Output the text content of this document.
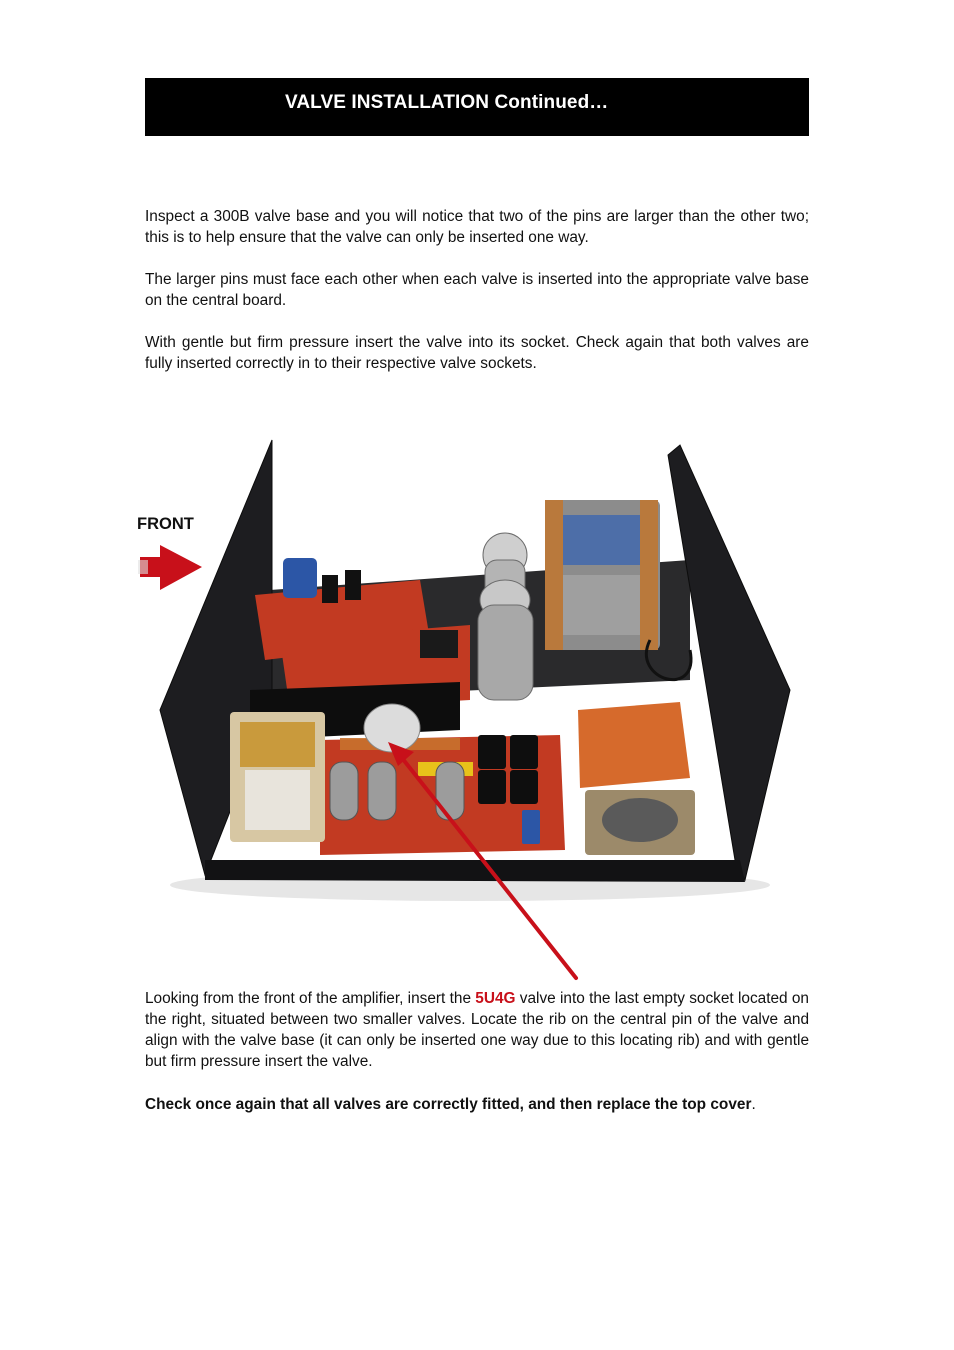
VALVE INSTALLATION Continued…

Inspect a 300B valve base and you will notice that two of the pins are larger than the other two; this is to help ensure that the valve can only be inserted one way.

The larger pins must face each other when each valve is inserted into the appropriate valve base on the central board.

With gentle but firm pressure insert the valve into its socket. Check again that both valves are fully inserted correctly in to their respective valve sockets.

FRONT

Looking from the front of the amplifier, insert the 5U4G valve into the last empty socket located on the right, situated between two smaller valves. Locate the rib on the central pin of the valve and align with the valve base (it can only be inserted one way due to this locating rib) and with gentle but firm pressure insert the valve.

Check once again that all valves are correctly fitted, and then replace the top cover.
